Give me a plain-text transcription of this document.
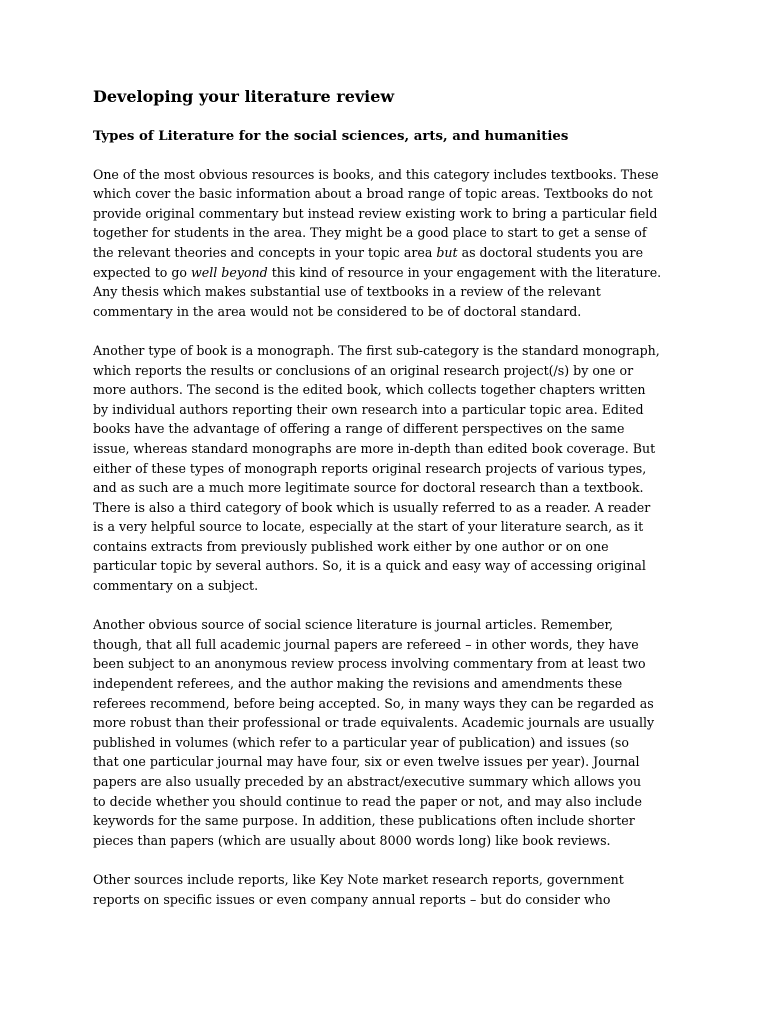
Developing your literature review
Types of Literature for the social sciences, arts, and humanities

One of the most obvious resources is books, and this category includes textbooks. These
which cover the basic information about a broad range of topic areas. Textbooks do not
provide original commentary but instead review existing work to bring a particular field
together for students in the area. They might be a good place to start to get a sense of
the relevant theories and concepts in your topic area but as doctoral students you are
expected to go well beyond this kind of resource in your engagement with the literature.
Any thesis which makes substantial use of textbooks in a review of the relevant
commentary in the area would not be considered to be of doctoral standard.

Another type of book is a monograph. The first sub-category is the standard monograph,
which reports the results or conclusions of an original research project(/s) by one or
more authors. The second is the edited book, which collects together chapters written
by individual authors reporting their own research into a particular topic area. Edited
books have the advantage of offering a range of different perspectives on the same
issue, whereas standard monographs are more in-depth than edited book coverage. But
either of these types of monograph reports original research projects of various types,
and as such are a much more legitimate source for doctoral research than a textbook.
There is also a third category of book which is usually referred to as a reader. A reader
is a very helpful source to locate, especially at the start of your literature search, as it
contains extracts from previously published work either by one author or on one
particular topic by several authors. So, it is a quick and easy way of accessing original
commentary on a subject.

Another obvious source of social science literature is journal articles. Remember,
though, that all full academic journal papers are refereed – in other words, they have
been subject to an anonymous review process involving commentary from at least two
independent referees, and the author making the revisions and amendments these
referees recommend, before being accepted. So, in many ways they can be regarded as
more robust than their professional or trade equivalents. Academic journals are usually
published in volumes (which refer to a particular year of publication) and issues (so
that one particular journal may have four, six or even twelve issues per year). Journal
papers are also usually preceded by an abstract/executive summary which allows you
to decide whether you should continue to read the paper or not, and may also include
keywords for the same purpose. In addition, these publications often include shorter
pieces than papers (which are usually about 8000 words long) like book reviews.

Other sources include reports, like Key Note market research reports, government
reports on specific issues or even company annual reports – but do consider who
